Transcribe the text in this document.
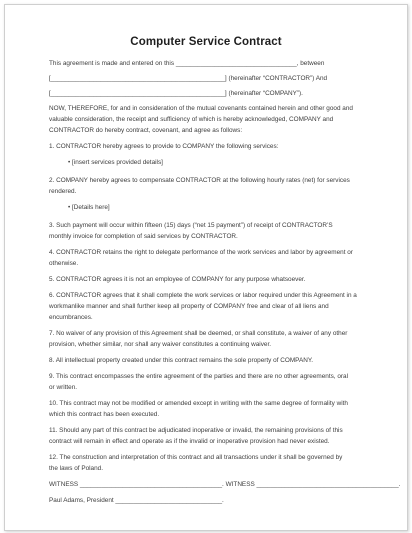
Computer Service Contract
This agreement is made and entered on this __________________________________, between
[_________________________________________________] (hereinafter “CONTRACTOR”) And
[_________________________________________________] (hereinafter “COMPANY”).
NOW, THEREFORE, for and in consideration of the mutual covenants contained herein and other good and
valuable consideration, the receipt and sufficiency of which is hereby acknowledged, COMPANY and
CONTRACTOR do hereby contract, covenant, and agree as follows:
1. CONTRACTOR hereby agrees to provide to COMPANY the following services:
• [insert services provided details]
2. COMPANY hereby agrees to compensate CONTRACTOR at the following hourly rates (net) for services
rendered.
• [Details here]
3. Such payment will occur within fifteen (15) days (“net 15 payment”) of receipt of CONTRACTOR’S
monthly invoice for completion of said services by CONTRACTOR.
4. CONTRACTOR retains the right to delegate performance of the work services and labor by agreement or
otherwise.
5. CONTRACTOR agrees it is not an employee of COMPANY for any purpose whatsoever.
6. CONTRACTOR agrees that it shall complete the work services or labor required under this Agreement in a
workmanlike manner and shall further keep all property of COMPANY free and clear of all liens and
encumbrances.
7. No waiver of any provision of this Agreement shall be deemed, or shall constitute, a waiver of any other
provision, whether similar, nor shall any waiver constitutes a continuing waiver.
8. All intellectual property created under this contract remains the sole property of COMPANY.
9. This contract encompasses the entire agreement of the parties and there are no other agreements, oral
or written.
10. This contract may not be modified or amended except in writing with the same degree of formality with
which this contract has been executed.
11. Should any part of this contract be adjudicated inoperative or invalid, the remaining provisions of this
contract will remain in effect and operate as if the invalid or inoperative provision had never existed.
12. The construction and interpretation of this contract and all transactions under it shall be governed by
the laws of Poland.
WITNESS ________________________________________. WITNESS ________________________________________.
Paul Adams, President ______________________________.
